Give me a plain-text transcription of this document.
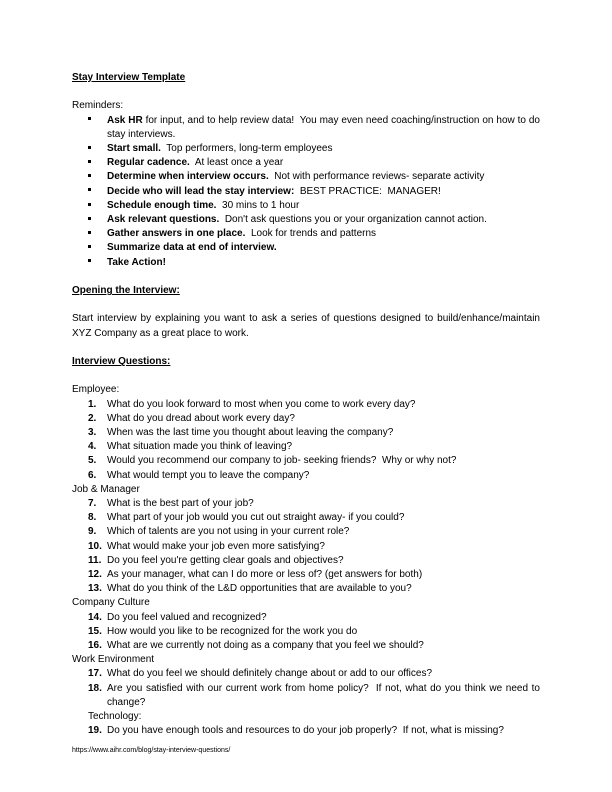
Stay Interview Template
Reminders:
Ask HR for input, and to help review data!  You may even need coaching/instruction on how to do stay interviews.
Start small.  Top performers, long-term employees
Regular cadence.  At least once a year
Determine when interview occurs.  Not with performance reviews- separate activity
Decide who will lead the stay interview:  BEST PRACTICE:  MANAGER!
Schedule enough time.  30 mins to 1 hour
Ask relevant questions.  Don't ask questions you or your organization cannot action.
Gather answers in one place.  Look for trends and patterns
Summarize data at end of interview.
Take Action!
Opening the Interview:
Start interview by explaining you want to ask a series of questions designed to build/enhance/maintain XYZ Company as a great place to work.
Interview Questions:
Employee:
1.	What do you look forward to most when you come to work every day?
2.	What do you dread about work every day?
3.	When was the last time you thought about leaving the company?
4.	What situation made you think of leaving?
5.	Would you recommend our company to job- seeking friends?  Why or why not?
6.	What would tempt you to leave the company?
Job & Manager
7.	What is the best part of your job?
8.	What part of your job would you cut out straight away- if you could?
9.	Which of talents are you not using in your current role?
10. What would make your job even more satisfying?
11. Do you feel you're getting clear goals and objectives?
12. As your manager, what can I do more or less of? (get answers for both)
13. What do you think of the L&D opportunities that are available to you?
Company Culture
14. Do you feel valued and recognized?
15. How would you like to be recognized for the work you do
16. What are we currently not doing as a company that you feel we should?
Work Environment
17. What do you feel we should definitely change about or add to our offices?
18. Are you satisfied with our current work from home policy?  If not, what do you think we need to change?
Technology:
19. Do you have enough tools and resources to do your job properly?  If not, what is missing?
https://www.aihr.com/blog/stay-interview-questions/
